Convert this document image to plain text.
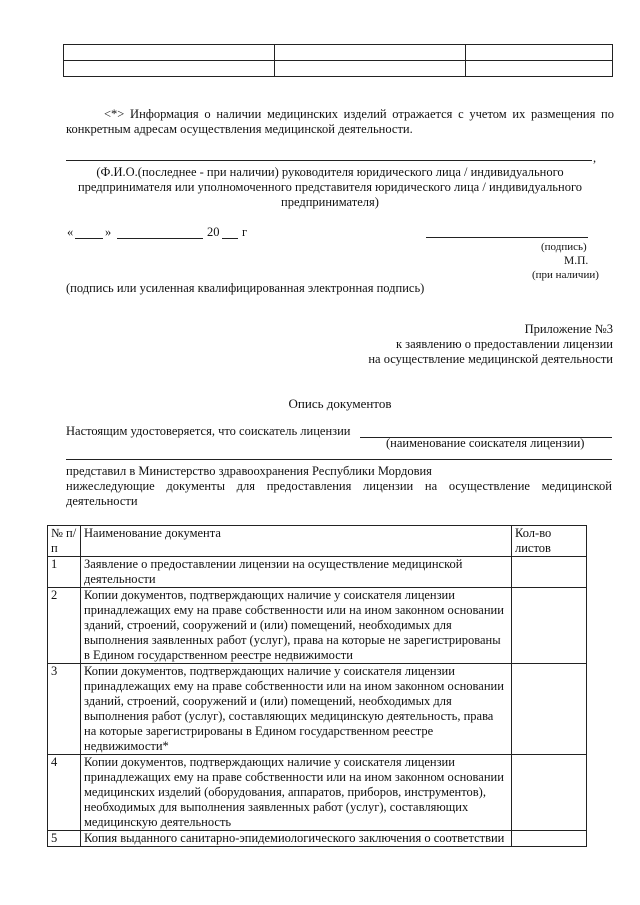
<*> Информация о наличии медицинских изделий отражается с учетом их размещения по конкретным адресам осуществления медицинской деятельности.
,
(Ф.И.О.(последнее - при наличии) руководителя юридического лица / индивидуального предпринимателя или уполномоченного представителя юридического лица / индивидуального предпринимателя)
«	»	20 г
(подпись)
М.П.
(при наличии)
(подпись или усиленная квалифицированная электронная подпись)
Приложение №3
к заявлению о предоставлении лицензии
на осуществление медицинской деятельности
Опись документов
Настоящим удостоверяется, что соискатель лицензии
(наименование соискателя лицензии)
представил в Министерство здравоохранения Республики Мордовия
нижеследующие документы для предоставления лицензии на осуществление медицинской деятельности
№ п/п	Наименование документа	Кол-во листов
1	Заявление о предоставлении лицензии на осуществление медицинской деятельности	
2	Копии документов, подтверждающих наличие у соискателя лицензии принадлежащих ему на праве собственности или на ином законном основании зданий, строений, сооружений и (или) помещений, необходимых для выполнения заявленных работ (услуг), права на которые не зарегистрированы в Едином государственном реестре недвижимости	
3	Копии документов, подтверждающих наличие у соискателя лицензии принадлежащих ему на праве собственности или на ином законном основании зданий, строений, сооружений и (или) помещений, необходимых для выполнения работ (услуг), составляющих медицинскую деятельность, права на которые зарегистрированы в Едином государственном реестре недвижимости*	
4	Копии документов, подтверждающих наличие у соискателя лицензии принадлежащих ему на праве собственности или на ином законном основании медицинских изделий (оборудования, аппаратов, приборов, инструментов), необходимых для выполнения заявленных работ (услуг), составляющих медицинскую деятельность	
5	Копия выданного санитарно-эпидемиологического заключения о соответствии	
